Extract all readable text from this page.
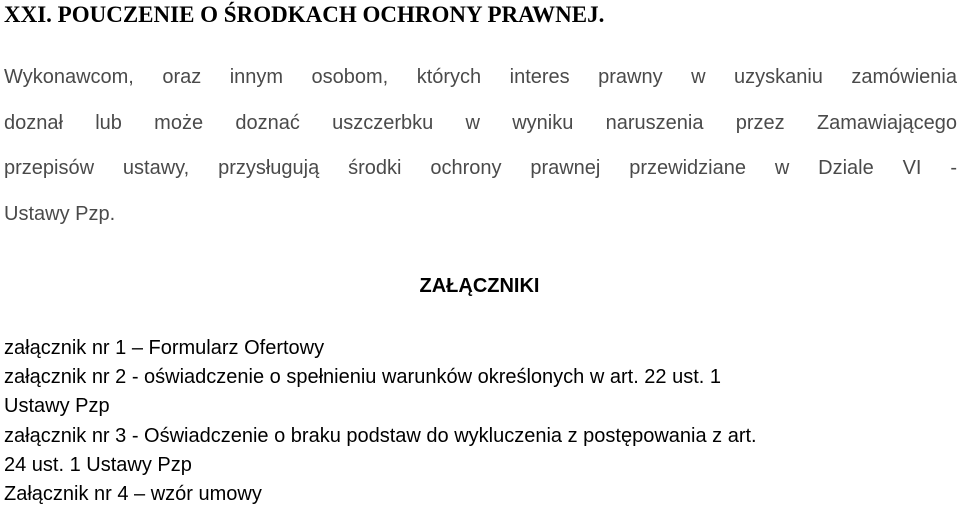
XXI. POUCZENIE O ŚRODKACH OCHRONY PRAWNEJ.
Wykonawcom, oraz innym osobom, których interes prawny w uzyskaniu zamówienia
doznał lub może doznać uszczerbku w wyniku naruszenia przez Zamawiającego
przepisów ustawy, przysługują środki ochrony prawnej przewidziane w Dziale VI -
Ustawy Pzp.
ZAŁĄCZNIKI
załącznik nr 1 – Formularz Ofertowy
załącznik nr 2 - oświadczenie o spełnieniu warunków określonych w art. 22 ust. 1
Ustawy Pzp
załącznik nr 3 - Oświadczenie o braku podstaw do wykluczenia z postępowania z art.
24 ust. 1 Ustawy Pzp
Załącznik nr 4 – wzór umowy
